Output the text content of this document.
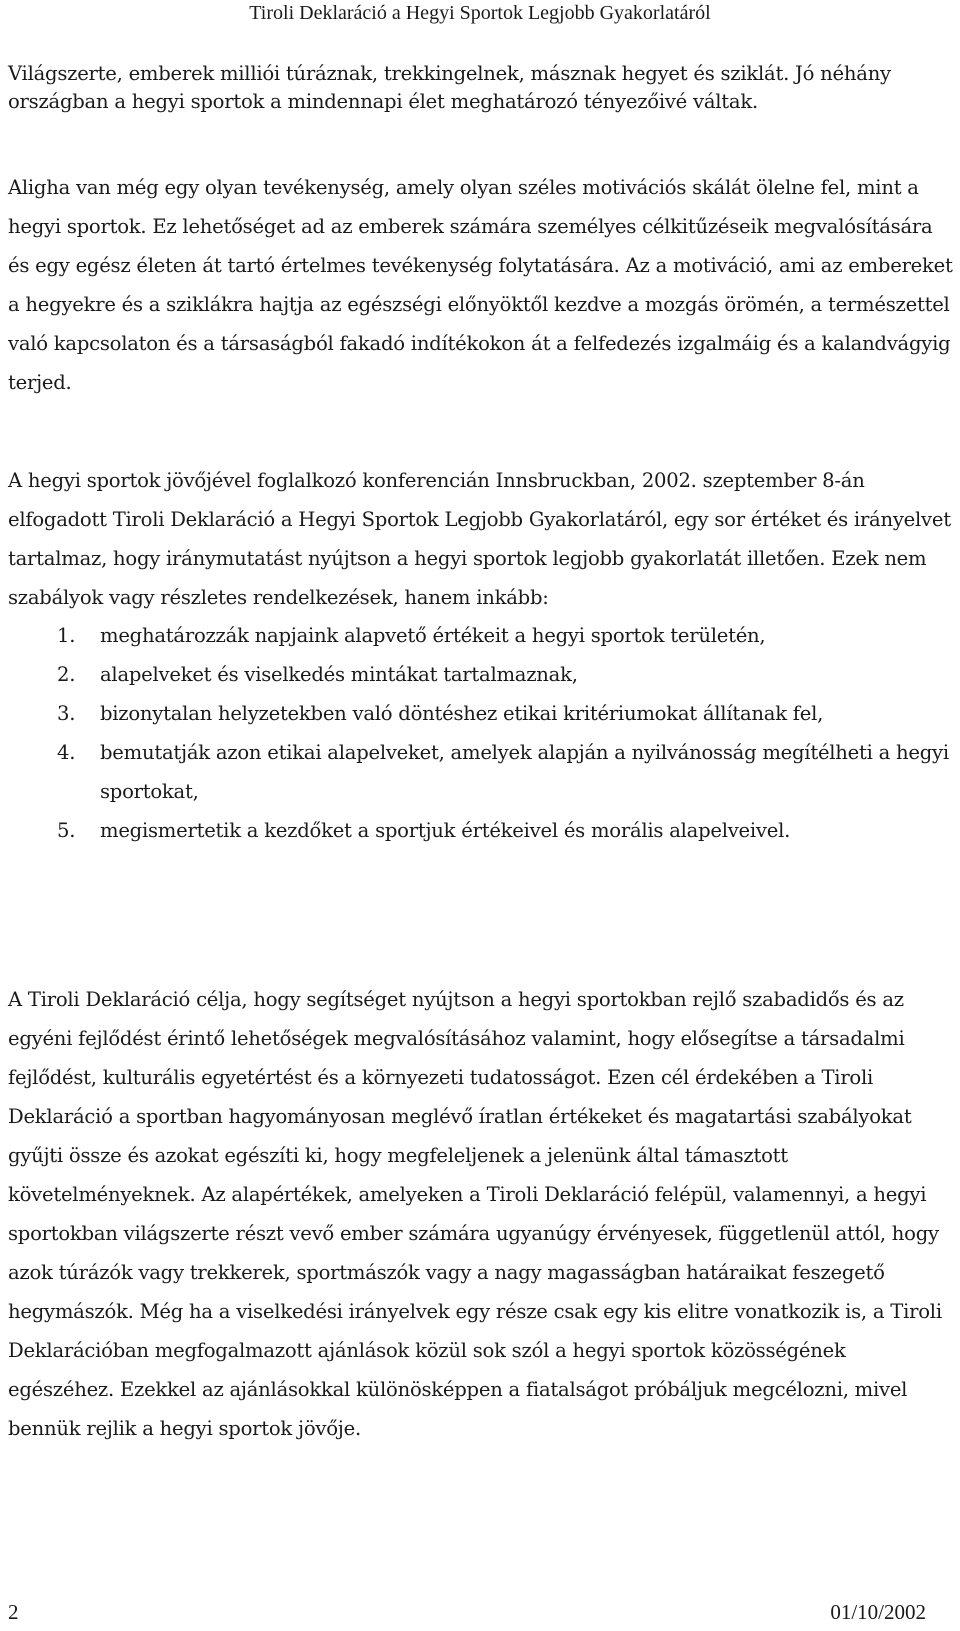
Tiroli Deklaráció a Hegyi Sportok Legjobb Gyakorlatáról

Világszerte, emberek milliói túráznak, trekkingelnek, másznak hegyet és sziklát. Jó néhány országban a hegyi sportok a mindennapi élet meghatározó tényezőivé váltak.

Aligha van még egy olyan tevékenység, amely olyan széles motivációs skálát ölelne fel, mint a hegyi sportok. Ez lehetőséget ad az emberek számára személyes célkitűzéseik megvalósítására és egy egész életen át tartó értelmes tevékenység folytatására. Az a motiváció, ami az embereket a hegyekre és a sziklákra hajtja az egészségi előnyöktől kezdve a mozgás örömén, a természettel való kapcsolaton és a társaságból fakadó indítékokon át a felfedezés izgalmáig és a kalandvágyig terjed.

A hegyi sportok jövőjével foglalkozó konferencián Innsbruckban, 2002. szeptember 8-án elfogadott Tiroli Deklaráció a Hegyi Sportok Legjobb Gyakorlatáról, egy sor értéket és irányelvet tartalmaz, hogy iránymutatást nyújtson a hegyi sportok legjobb gyakorlatát illetően. Ezek nem szabályok vagy részletes rendelkezések, hanem inkább:

1. meghatározzák napjaink alapvető értékeit a hegyi sportok területén,
2. alapelveket és viselkedés mintákat tartalmaznak,
3. bizonytalan helyzetekben való döntéshez etikai kritériumokat állítanak fel,
4. bemutatják azon etikai alapelveket, amelyek alapján a nyilvánosság megítélheti a hegyi sportokat,
5. megismertetik a kezdőket a sportjuk értékeivel és morális alapelveivel.

A Tiroli Deklaráció célja, hogy segítséget nyújtson a hegyi sportokban rejlő szabadidős és az egyéni fejlődést érintő lehetőségek megvalósításához valamint, hogy elősegítse a társadalmi fejlődést, kulturális egyetértést és a környezeti tudatosságot. Ezen cél érdekében a Tiroli Deklaráció a sportban hagyományosan meglévő íratlan értékeket és magatartási szabályokat gyűjti össze és azokat egészíti ki, hogy megfeleljenek a jelenünk által támasztott követelményeknek. Az alapértékek, amelyeken a Tiroli Deklaráció felépül, valamennyi, a hegyi sportokban világszerte részt vevő ember számára ugyanúgy érvényesek, függetlenül attól, hogy azok túrázók vagy trekkerek, sportmászók vagy a nagy magasságban határaikat feszegető hegymászók. Még ha a viselkedési irányelvek egy része csak egy kis elitre vonatkozik is, a Tiroli Deklarációban megfogalmazott ajánlások közül sok szól a hegyi sportok közösségének egészéhez. Ezekkel az ajánlásokkal különösképpen a fiatalságot próbáljuk megcélozni, mivel bennük rejlik a hegyi sportok jövője.

2	01/10/2002
